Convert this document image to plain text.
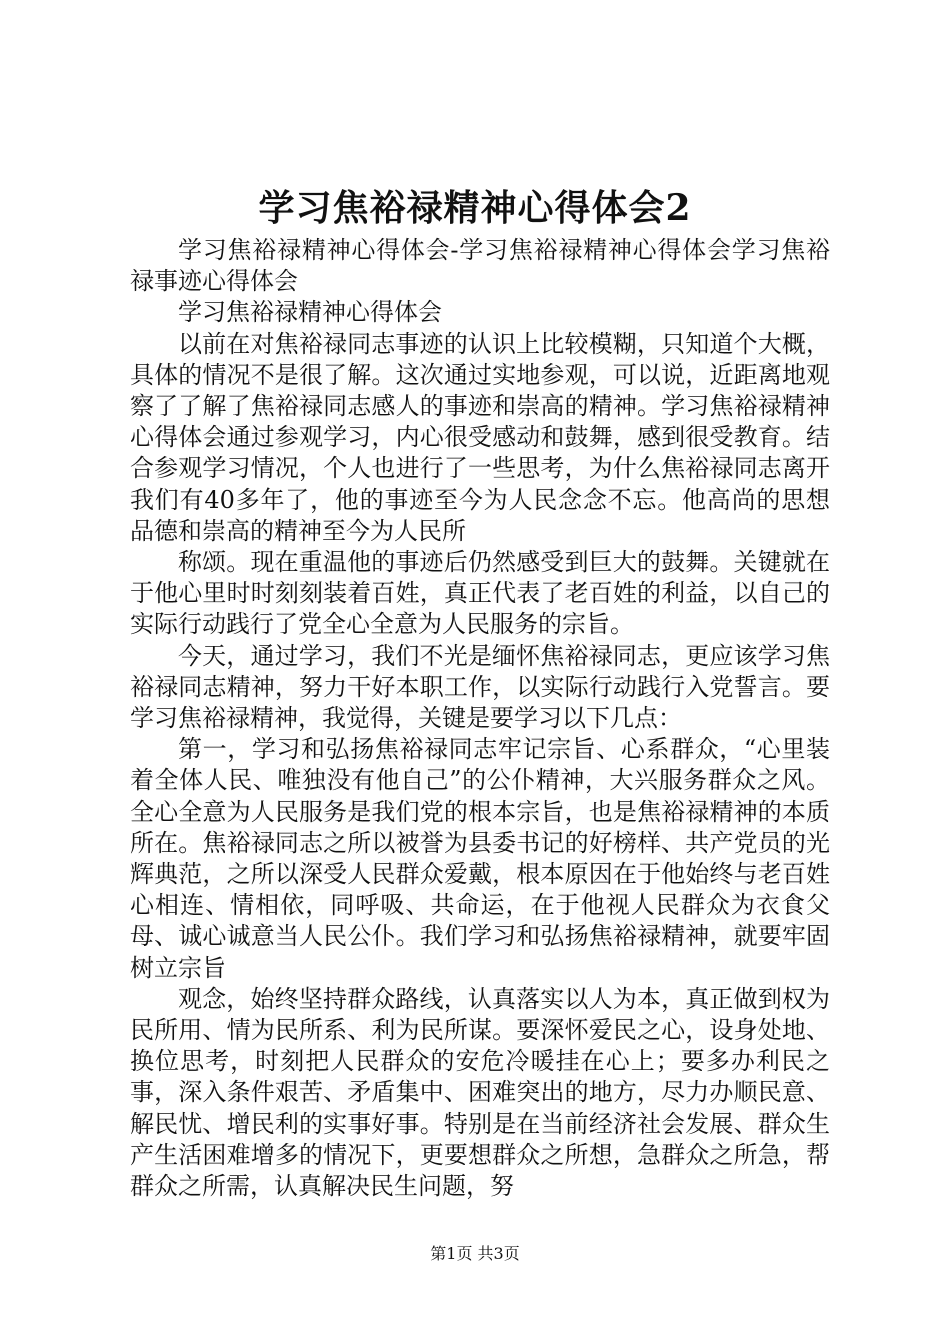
学习焦裕禄精神心得体会2

学习焦裕禄精神心得体会-学习焦裕禄精神心得体会学习焦裕禄事迹心得体会

学习焦裕禄精神心得体会

以前在对焦裕禄同志事迹的认识上比较模糊，只知道个大概，具体的情况不是很了解。这次通过实地参观，可以说，近距离地观察了了解了焦裕禄同志感人的事迹和崇高的精神。学习焦裕禄精神心得体会通过参观学习，内心很受感动和鼓舞，感到很受教育。结合参观学习情况，个人也进行了一些思考，为什么焦裕禄同志离开我们有40多年了，他的事迹至今为人民念念不忘。他高尚的思想品德和崇高的精神至今为人民所

称颂。现在重温他的事迹后仍然感受到巨大的鼓舞。关键就在于他心里时时刻刻装着百姓，真正代表了老百姓的利益，以自己的实际行动践行了党全心全意为人民服务的宗旨。

今天，通过学习，我们不光是缅怀焦裕禄同志，更应该学习焦裕禄同志精神，努力干好本职工作，以实际行动践行入党誓言。要学习焦裕禄精神，我觉得，关键是要学习以下几点：

第一，学习和弘扬焦裕禄同志牢记宗旨、心系群众，“心里装着全体人民、唯独没有他自己”的公仆精神，大兴服务群众之风。全心全意为人民服务是我们党的根本宗旨，也是焦裕禄精神的本质所在。焦裕禄同志之所以被誉为县委书记的好榜样、共产党员的光辉典范，之所以深受人民群众爱戴，根本原因在于他始终与老百姓心相连、情相依，同呼吸、共命运，在于他视人民群众为衣食父母、诚心诚意当人民公仆。我们学习和弘扬焦裕禄精神，就要牢固树立宗旨

观念，始终坚持群众路线，认真落实以人为本，真正做到权为民所用、情为民所系、利为民所谋。要深怀爱民之心，设身处地、换位思考，时刻把人民群众的安危冷暖挂在心上；要多办利民之事，深入条件艰苦、矛盾集中、困难突出的地方，尽力办顺民意、解民忧、增民利的实事好事。特别是在当前经济社会发展、群众生产生活困难增多的情况下，更要想群众之所想，急群众之所急，帮群众之所需，认真解决民生问题，努

第1页 共3页
